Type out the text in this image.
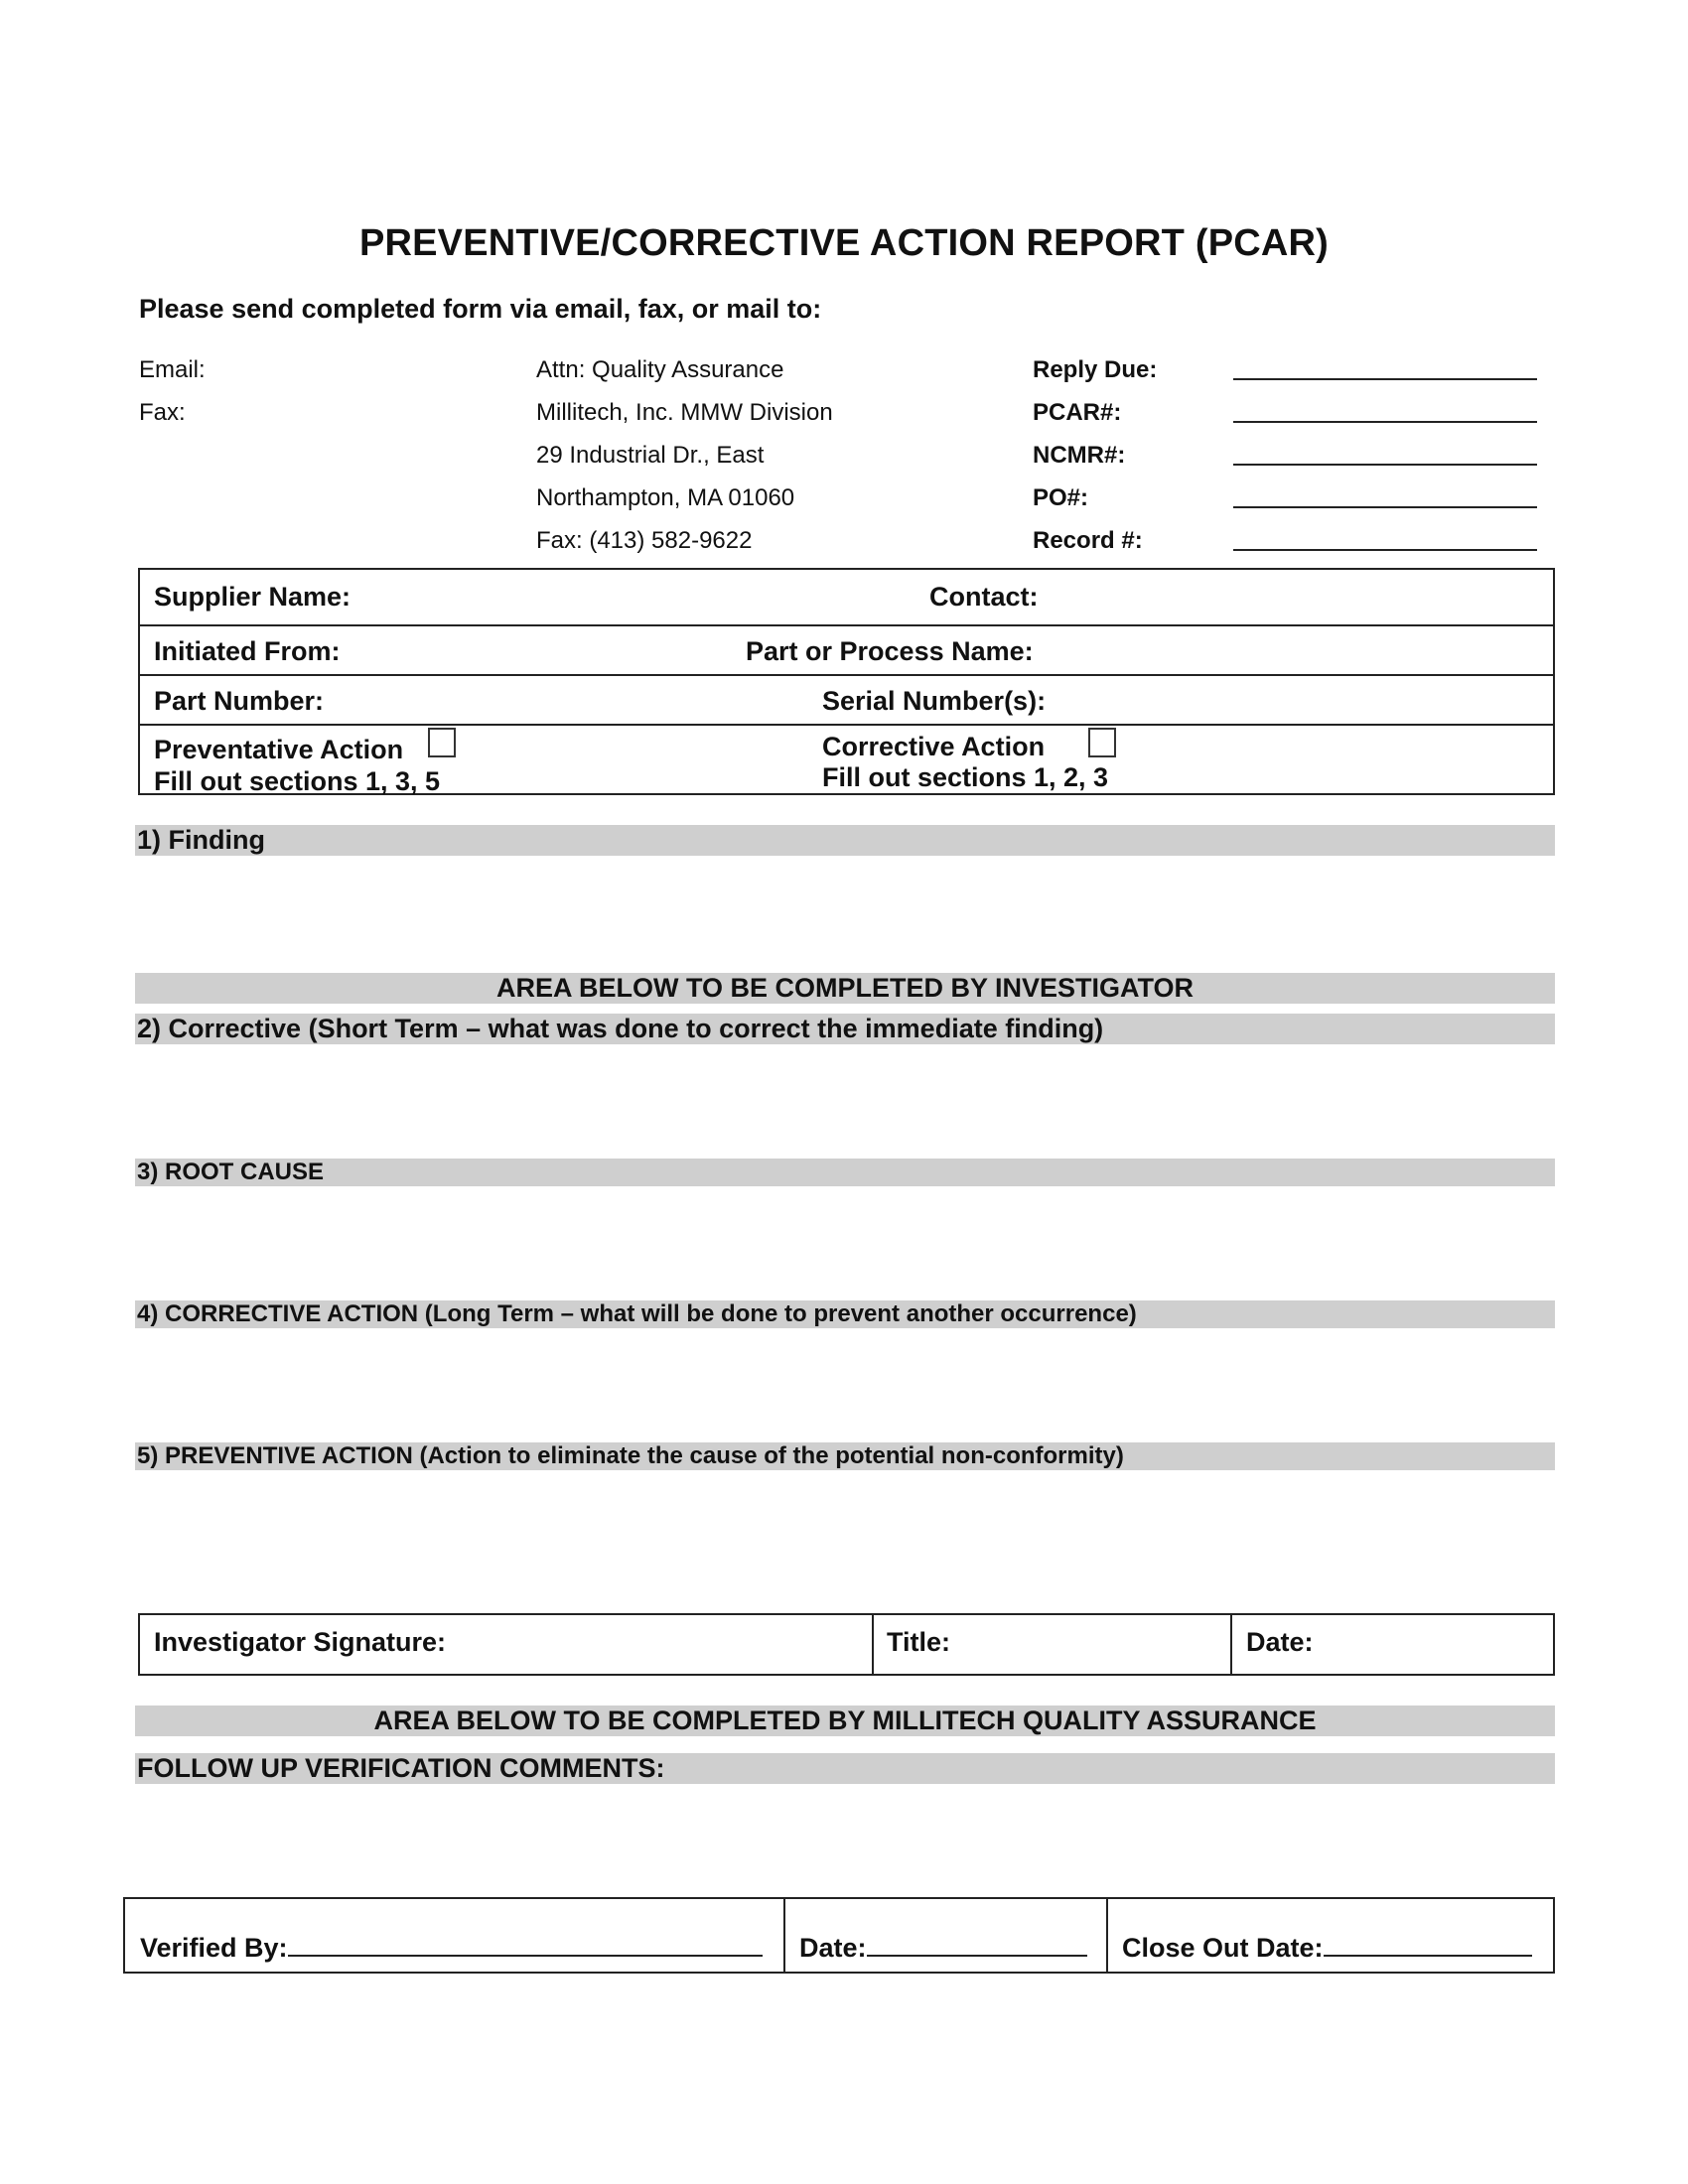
PREVENTIVE/CORRECTIVE ACTION REPORT (PCAR)
Please send completed form via email, fax, or mail to:
Email:	Attn: Quality Assurance	Reply Due:
Fax:	Millitech, Inc. MMW Division	PCAR#:
29 Industrial Dr., East	NCMR#:
Northampton, MA 01060	PO#:
Fax: (413) 582-9622	Record #:
Supplier Name:	Contact:
Initiated From:	Part or Process Name:
Part Number:	Serial Number(s):
Preventative Action
Fill out sections 1, 3, 5
Corrective Action
Fill out sections 1, 2, 3
1) Finding
AREA BELOW TO BE COMPLETED BY INVESTIGATOR
2) Corrective (Short Term – what was done to correct the immediate finding)
3) ROOT CAUSE
4) CORRECTIVE ACTION (Long Term – what will be done to prevent another occurrence)
5) PREVENTIVE ACTION (Action to eliminate the cause of the potential non-conformity)
Investigator Signature:	Title:	Date:
AREA BELOW TO BE COMPLETED BY MILLITECH QUALITY ASSURANCE
FOLLOW UP VERIFICATION COMMENTS:
Verified By:	Date:	Close Out Date:
